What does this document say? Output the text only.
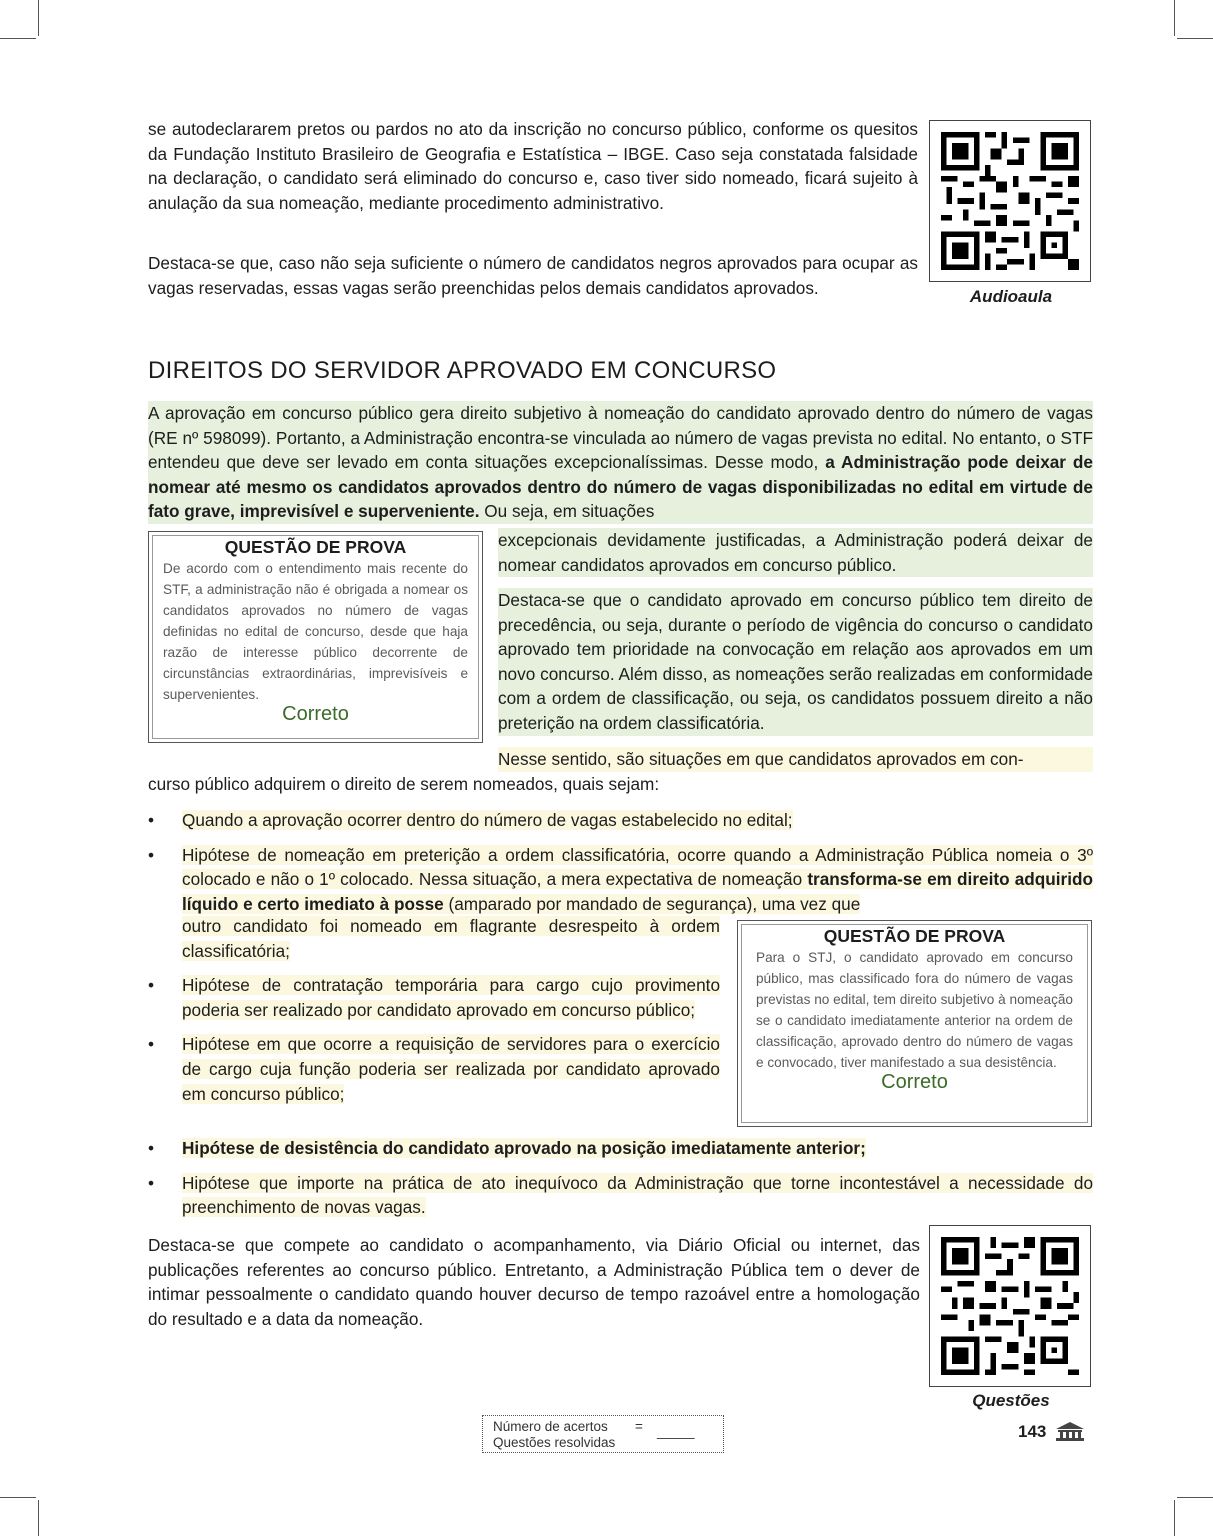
se autodeclararem pretos ou pardos no ato da inscrição no concurso público, conforme os quesitos da Fundação Instituto Brasileiro de Geografia e Estatística – IBGE. Caso seja constatada falsidade na declaração, o candidato será eliminado do concurso e, caso tiver sido nomeado, ficará sujeito à anulação da sua nomeação, mediante procedimento administrativo.

Destaca-se que, caso não seja suficiente o número de candidatos negros aprovados para ocupar as vagas reservadas, essas vagas serão preenchidas pelos demais candidatos aprovados.	Audioaula
DIREITOS DO SERVIDOR APROVADO EM CONCURSO
A aprovação em concurso público gera direito subjetivo à nomeação do candidato aprovado dentro do número de vagas (RE nº 598099). Portanto, a Administração encontra-se vinculada ao número de vagas prevista no edital. No entanto, o STF entendeu que deve ser levado em conta situações excepcionalíssimas. Desse modo, a Administração pode deixar de nomear até mesmo os candidatos aprovados dentro do número de vagas disponibilizadas no edital em virtude de fato grave, imprevisível e superveniente. Ou seja, em situações
excepcionais devidamente justificadas, a Administração poderá deixar de nomear candidatos aprovados em concurso público.
QUESTÃO DE PROVA
De acordo com o entendimento mais recente do STF, a administração não é obrigada a nomear os candidatos aprovados no número de vagas definidas no edital de concurso, desde que haja razão de interesse público decorrente de circunstâncias extraordinárias, imprevisíveis e supervenientes.
Correto
Destaca-se que o candidato aprovado em concurso público tem direito de precedência, ou seja, durante o período de vigência do concurso o candidato aprovado tem prioridade na convocação em relação aos aprovados em um novo concurso. Além disso, as nomeações serão realizadas em conformidade com a ordem de classificação, ou seja, os candidatos possuem direito a não preterição na ordem classificatória.
Nesse sentido, são situações em que candidatos aprovados em con-
curso público adquirem o direito de serem nomeados, quais sejam:
• Quando a aprovação ocorrer dentro do número de vagas estabelecido no edital;
• Hipótese de nomeação em preterição a ordem classificatória, ocorre quando a Administração Pública nomeia o 3º colocado e não o 1º colocado. Nessa situação, a mera expectativa de nomeação transforma-se em direito adquirido líquido e certo imediato à posse (amparado por mandado de segurança), uma vez que
outro candidato foi nomeado em flagrante desrespeito à ordem classificatória;
• Hipótese de contratação temporária para cargo cujo provimento poderia ser realizado por candidato aprovado em concurso público;
• Hipótese em que ocorre a requisição de servidores para o exercício de cargo cuja função poderia ser realizada por candidato aprovado em concurso público;
• Hipótese de desistência do candidato aprovado na posição imediatamente anterior;
• Hipótese que importe na prática de ato inequívoco da Administração que torne incontestável a necessidade do preenchimento de novas vagas.
QUESTÃO DE PROVA
Para o STJ, o candidato aprovado em concurso público, mas classificado fora do número de vagas previstas no edital, tem direito subjetivo à nomeação se o candidato imediatamente anterior na ordem de classificação, aprovado dentro do número de vagas e convocado, tiver manifestado a sua desistência.
Correto

Destaca-se que compete ao candidato o acompanhamento, via Diário Oficial ou internet, das publicações referentes ao concurso público. Entretanto, a Administração Pública tem o dever de intimar pessoalmente o candidato quando houver decurso de tempo razoável entre a homologação do resultado e a data da nomeação.

Questões
Número de acertos = _____
Questões resolvidas
143
